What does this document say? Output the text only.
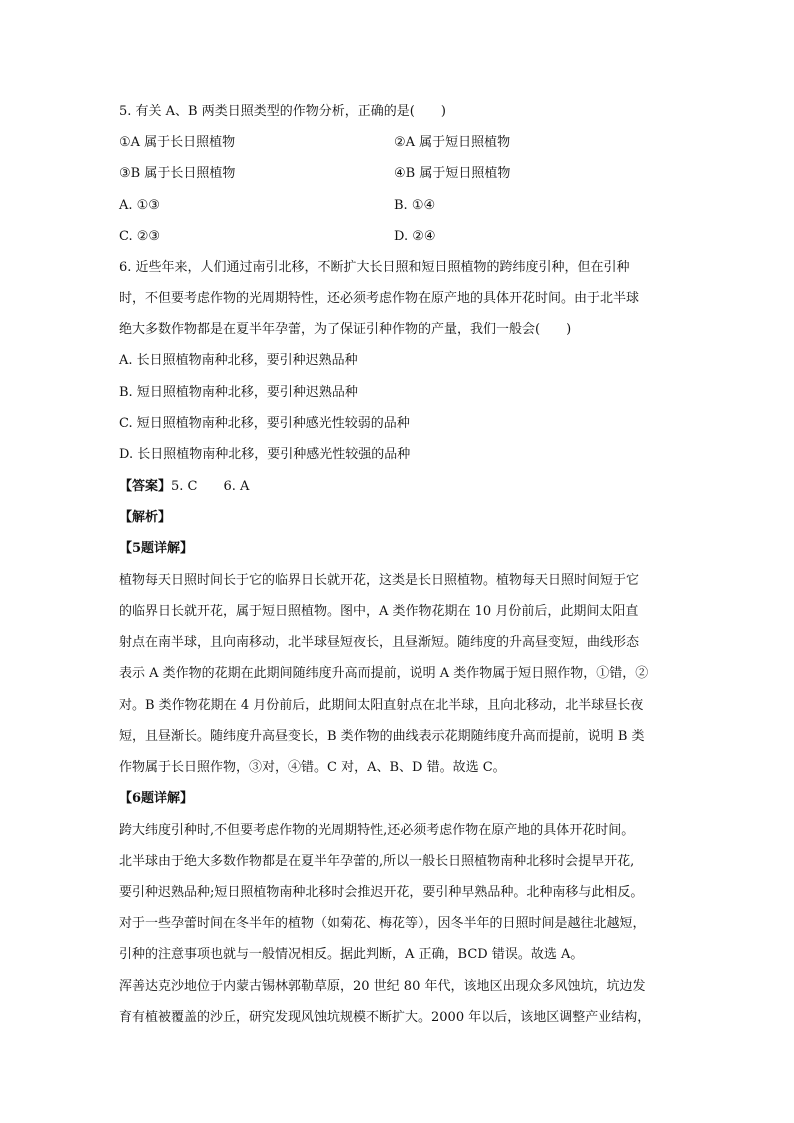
5. 有关 A、B 两类日照类型的作物分析，正确的是(　　)
①A 属于长日照植物	②A 属于短日照植物
③B 属于长日照植物	④B 属于短日照植物
A. ①③	B. ①④
C. ②③	D. ②④
6. 近些年来，人们通过南引北移，不断扩大长日照和短日照植物的跨纬度引种，但在引种
时，不但要考虑作物的光周期特性，还必须考虑作物在原产地的具体开花时间。由于北半球
绝大多数作物都是在夏半年孕蕾，为了保证引种作物的产量，我们一般会(　　)
A. 长日照植物南种北移，要引种迟熟品种
B. 短日照植物南种北移，要引种迟熟品种
C. 短日照植物南种北移，要引种感光性较弱的品种
D. 长日照植物南种北移，要引种感光性较强的品种
【答案】5. C　　6. A
【解析】
【5题详解】
植物每天日照时间长于它的临界日长就开花，这类是长日照植物。植物每天日照时间短于它
的临界日长就开花，属于短日照植物。图中，A 类作物花期在 10 月份前后，此期间太阳直
射点在南半球，且向南移动，北半球昼短夜长，且昼渐短。随纬度的升高昼变短，曲线形态
表示 A 类作物的花期在此期间随纬度升高而提前，说明 A 类作物属于短日照作物，①错，②
对。B 类作物花期在 4 月份前后，此期间太阳直射点在北半球，且向北移动，北半球昼长夜
短，且昼渐长。随纬度升高昼变长，B 类作物的曲线表示花期随纬度升高而提前，说明 B 类
作物属于长日照作物，③对，④错。C 对，A、B、D 错。故选 C。
【6题详解】
跨大纬度引种时,不但要考虑作物的光周期特性,还必须考虑作物在原产地的具体开花时间。
北半球由于绝大多数作物都是在夏半年孕蕾的,所以一般长日照植物南种北移时会提早开花,
要引种迟熟品种;短日照植物南种北移时会推迟开花，要引种早熟品种。北种南移与此相反。
对于一些孕蕾时间在冬半年的植物（如菊花、梅花等），因冬半年的日照时间是越往北越短，
引种的注意事项也就与一般情况相反。据此判断，A 正确，BCD 错误。故选 A。
浑善达克沙地位于内蒙古锡林郭勒草原，20 世纪 80 年代，该地区出现众多风蚀坑，坑边发
育有植被覆盖的沙丘，研究发现风蚀坑规模不断扩大。2000 年以后，该地区调整产业结构，
